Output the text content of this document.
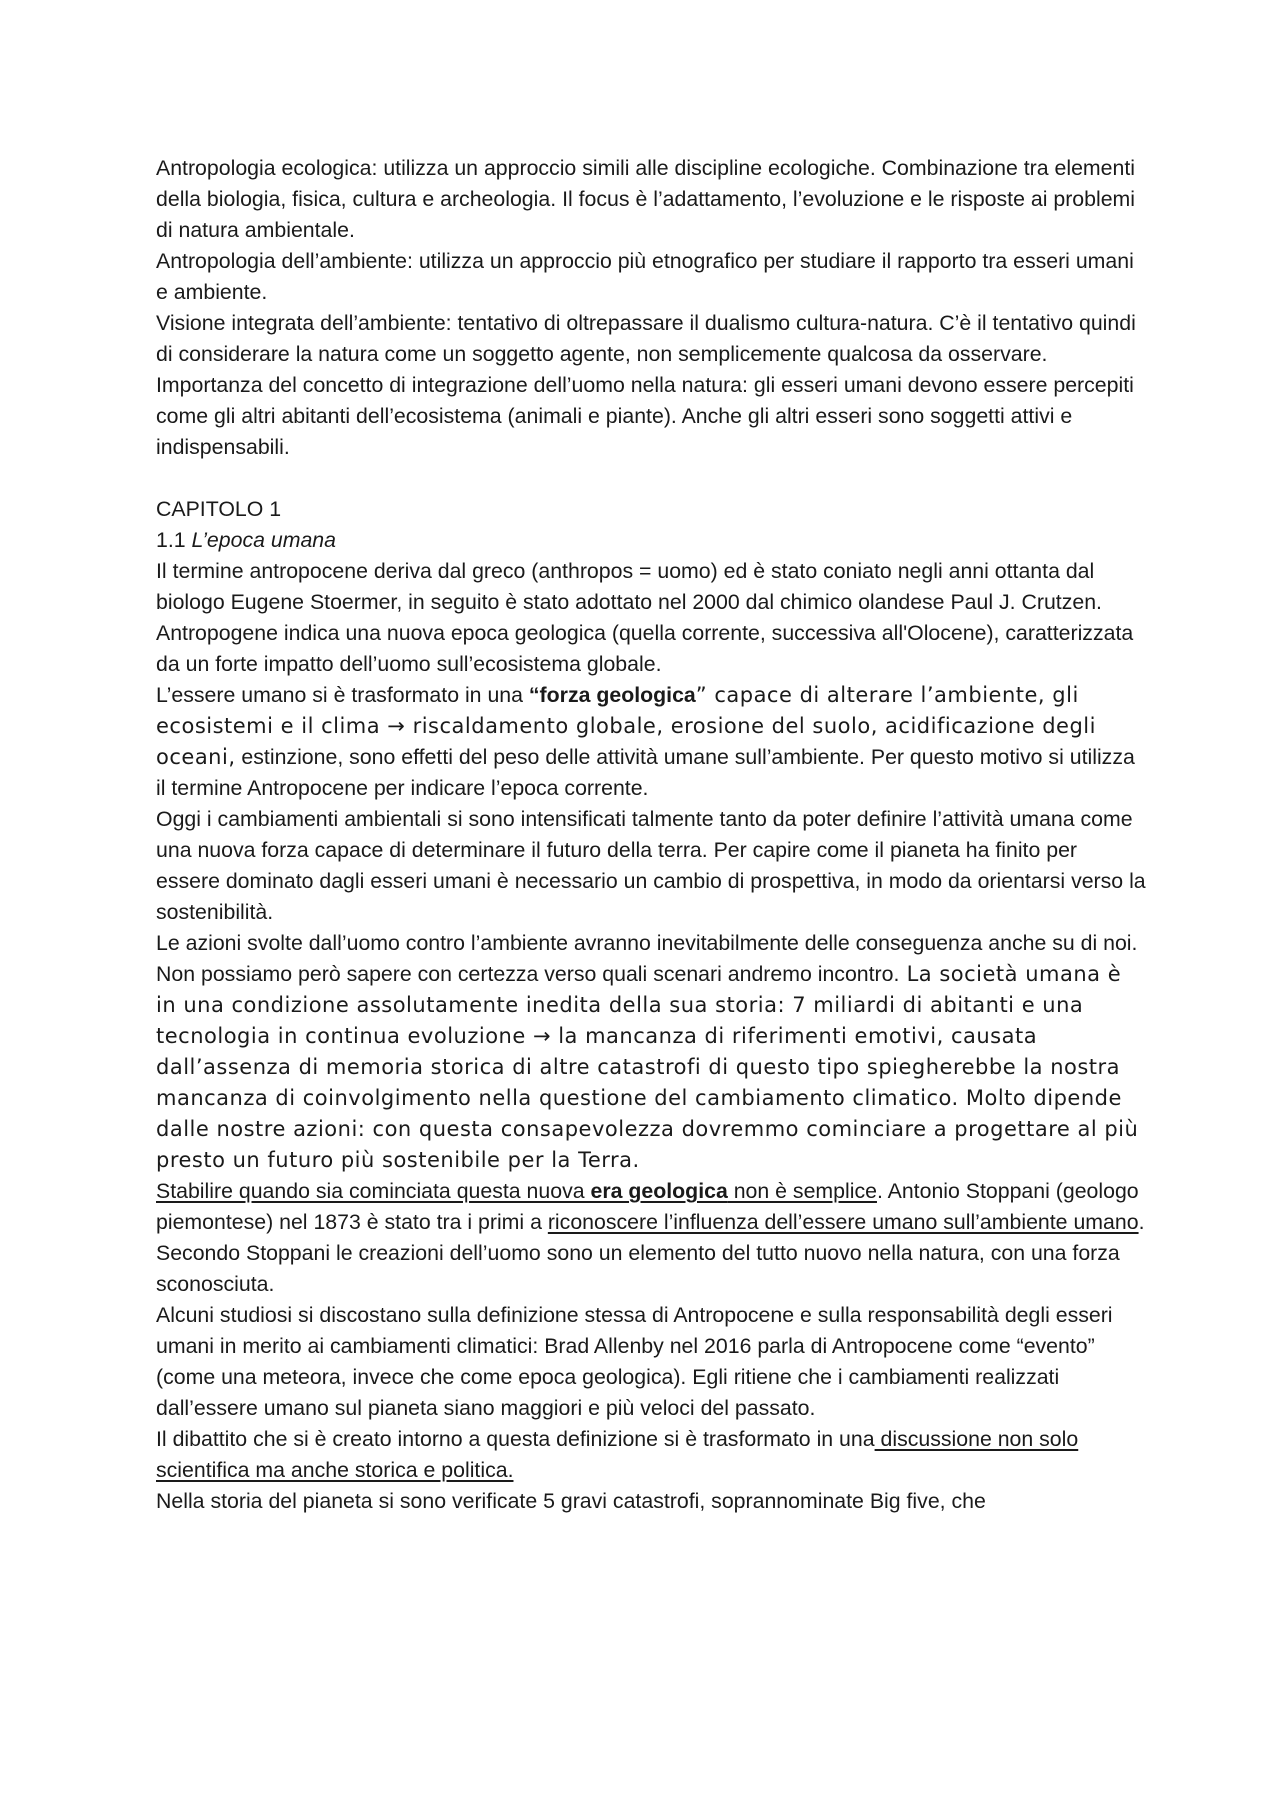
Antropologia ecologica: utilizza un approccio simili alle discipline ecologiche. Combinazione tra elementi della biologia, fisica, cultura e archeologia. Il focus è l’adattamento, l’evoluzione e le risposte ai problemi di natura ambientale.

Antropologia dell’ambiente: utilizza un approccio più etnografico per studiare il rapporto tra esseri umani e ambiente.

Visione integrata dell’ambiente: tentativo di oltrepassare il dualismo cultura-natura. C’è il tentativo quindi di considerare la natura come un soggetto agente, non semplicemente qualcosa da osservare.

Importanza del concetto di integrazione dell’uomo nella natura: gli esseri umani devono essere percepiti come gli altri abitanti dell’ecosistema (animali e piante). Anche gli altri esseri sono soggetti attivi e indispensabili.

CAPITOLO 1

1.1 L’epoca umana

Il termine antropocene deriva dal greco (anthropos = uomo) ed è stato coniato negli anni ottanta dal biologo Eugene Stoermer, in seguito è stato adottato nel 2000 dal chimico olandese Paul J. Crutzen. Antropogene indica una nuova epoca geologica (quella corrente, successiva all'Olocene), caratterizzata da un forte impatto dell’uomo sull’ecosistema globale.

L’essere umano si è trasformato in una “forza geologica” capace di alterare l’ambiente, gli ecosistemi e il clima → riscaldamento globale, erosione del suolo, acidificazione degli oceani, estinzione, sono effetti del peso delle attività umane sull’ambiente. Per questo motivo si utilizza il termine Antropocene per indicare l’epoca corrente.

Oggi i cambiamenti ambientali si sono intensificati talmente tanto da poter definire l’attività umana come una nuova forza capace di determinare il futuro della terra. Per capire come il pianeta ha finito per essere dominato dagli esseri umani è necessario un cambio di prospettiva, in modo da orientarsi verso la sostenibilità.

Le azioni svolte dall’uomo contro l’ambiente avranno inevitabilmente delle conseguenza anche su di noi. Non possiamo però sapere con certezza verso quali scenari andremo incontro. La società umana è in una condizione assolutamente inedita della sua storia: 7 miliardi di abitanti e una tecnologia in continua evoluzione → la mancanza di riferimenti emotivi, causata dall’assenza di memoria storica di altre catastrofi di questo tipo spiegherebbe la nostra mancanza di coinvolgimento nella questione del cambiamento climatico. Molto dipende dalle nostre azioni: con questa consapevolezza dovremmo cominciare a progettare al più presto un futuro più sostenibile per la Terra.

Stabilire quando sia cominciata questa nuova era geologica non è semplice. Antonio Stoppani (geologo piemontese) nel 1873 è stato tra i primi a riconoscere l’influenza dell’essere umano sull’ambiente umano. Secondo Stoppani le creazioni dell’uomo sono un elemento del tutto nuovo nella natura, con una forza sconosciuta.

Alcuni studiosi si discostano sulla definizione stessa di Antropocene e sulla responsabilità degli esseri umani in merito ai cambiamenti climatici: Brad Allenby nel 2016 parla di Antropocene come “evento” (come una meteora, invece che come epoca geologica). Egli ritiene che i cambiamenti realizzati dall’essere umano sul pianeta siano maggiori e più veloci del passato.

Il dibattito che si è creato intorno a questa definizione si è trasformato in una discussione non solo scientifica ma anche storica e politica.

Nella storia del pianeta si sono verificate 5 gravi catastrofi, soprannominate Big five, che
